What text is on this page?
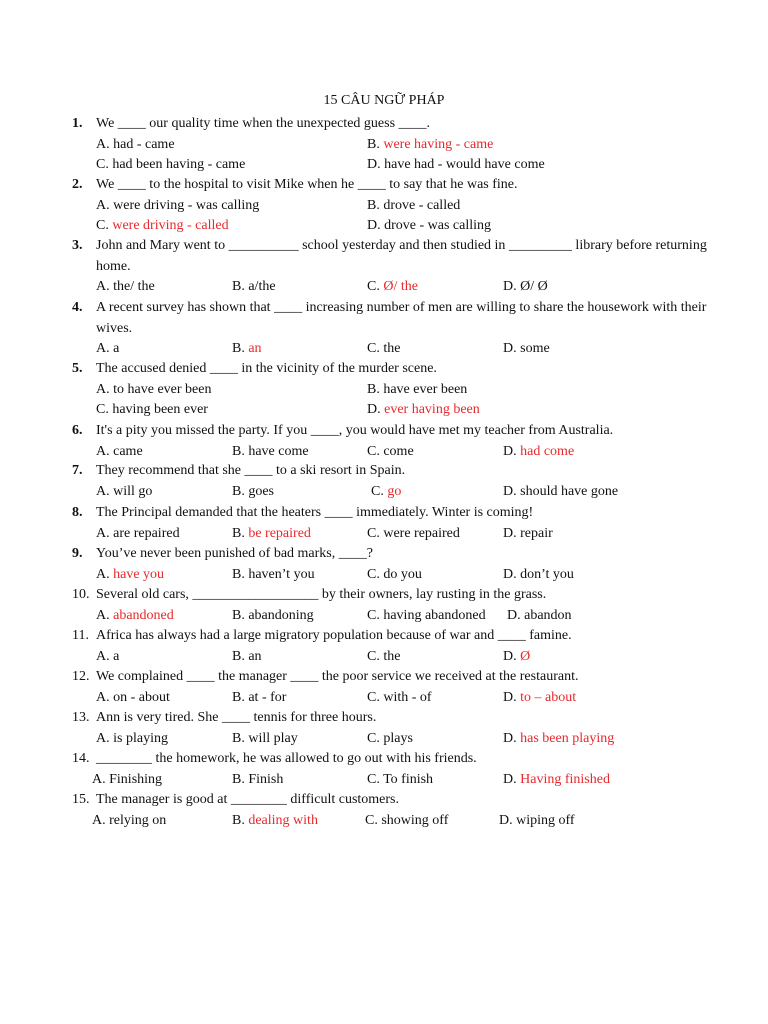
15 CÂU NGỮ PHÁP
1. We ____ our quality time when the unexpected guess ____.
A. had - came	B. were having - came
C. had been having - came	D. have had - would have come
2. We ____ to the hospital to visit Mike when he ____ to say that he was fine.
A. were driving - was calling	B. drove - called
C. were driving - called	D. drove - was calling
3. John and Mary went to __________ school yesterday and then studied in _________ library before returning home.
A. the/ the	B. a/the	C. Ø/ the	D. Ø/ Ø
4. A recent survey has shown that ____ increasing number of men are willing to share the housework with their wives.
A. a	B. an	C. the	D. some
5. The accused denied ____ in the vicinity of the murder scene.
A. to have ever been	B. have ever been
C. having been ever	D. ever having been
6. It's a pity you missed the party. If you ____, you would have met my teacher from Australia.
A. came	B. have come	C. come	D. had come
7. They recommend that she ____ to a ski resort in Spain.
A. will go	B. goes	C. go	D. should have gone
8. The Principal demanded that the heaters ____ immediately. Winter is coming!
A. are repaired	B. be repaired	C. were repaired	D. repair
9. You’ve never been punished of bad marks, ____?
A. have you	B. haven’t you	C. do you	D. don’t you
10. Several old cars, __________________ by their owners, lay rusting in the grass.
A. abandoned	B. abandoning	C. having abandoned D. abandon
11. Africa has always had a large migratory population because of war and ____ famine.
A. a	B. an	C. the	D. Ø
12. We complained ____ the manager ____ the poor service we received at the restaurant.
A. on - about	B. at - for	C. with - of	D. to – about
13. Ann is very tired. She ____ tennis for three hours.
A. is playing	B. will play	C. plays	D. has been playing
14. ________ the homework, he was allowed to go out with his friends.
A. Finishing	B. Finish	C. To finish	D. Having finished
15. The manager is good at ________ difficult customers.
A. relying on	B. dealing with	C. showing off	D. wiping off
